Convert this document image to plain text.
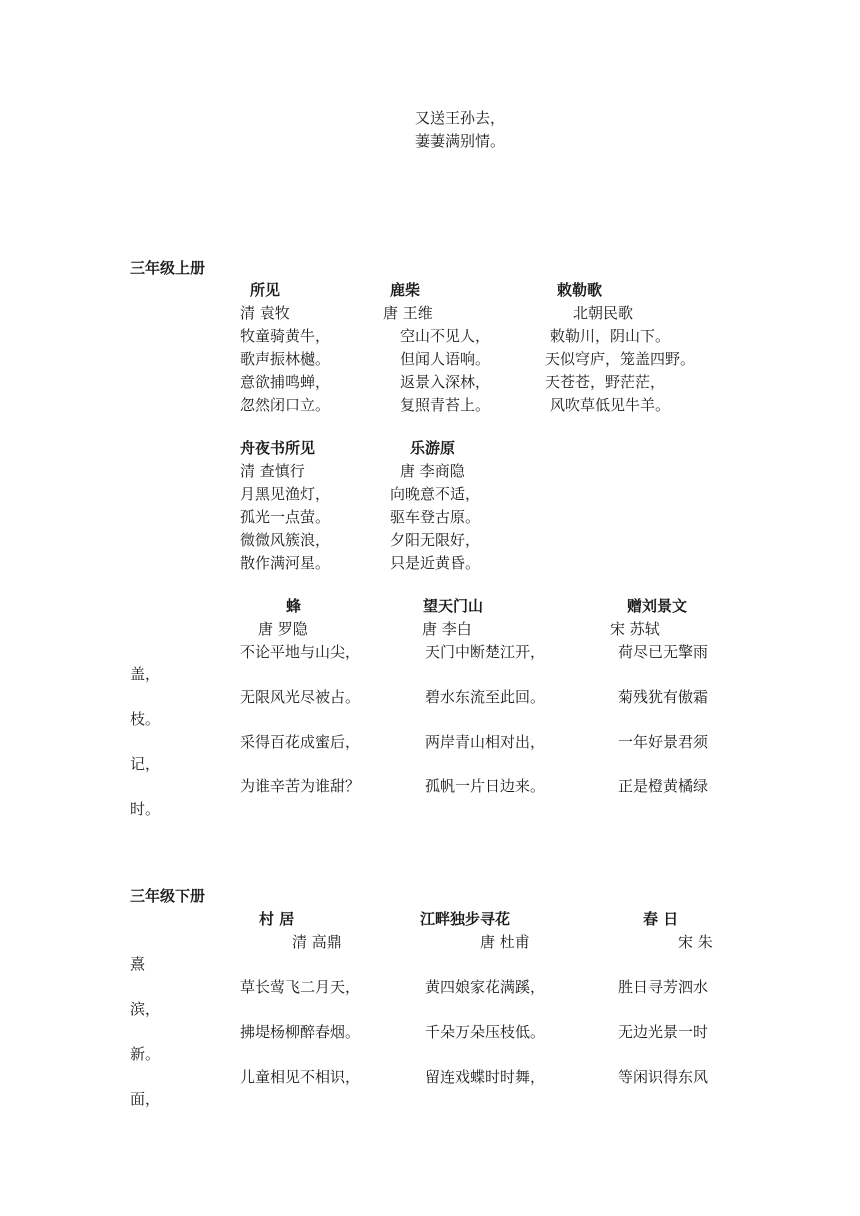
又送王孙去，
萋萋满别情。
三年级上册
所见
清 袁牧
牧童骑黄牛，
歌声振林樾。
意欲捕鸣蝉，
忽然闭口立。
鹿柴
唐 王维
空山不见人，
但闻人语响。
返景入深林，
复照青苔上。
敕勒歌
北朝民歌
敕勒川，阴山下。
天似穹庐，笼盖四野。
天苍苍，野茫茫，
风吹草低见牛羊。
舟夜书所见
清 查慎行
月黑见渔灯，
孤光一点萤。
微微风簇浪，
散作满河星。
乐游原
唐 李商隐
向晚意不适，
驱车登古原。
夕阳无限好，
只是近黄昏。
蜂
唐 罗隐
不论平地与山尖，
无限风光尽被占。
采得百花成蜜后，
为谁辛苦为谁甜？
望天门山
唐 李白
天门中断楚江开，
碧水东流至此回。
两岸青山相对出，
孤帆一片日边来。
赠刘景文
宋 苏轼
荷尽已无擎雨
盖，
菊残犹有傲霜
枝。
一年好景君须
记，
正是橙黄橘绿
时。
三年级下册
村 居
清 高鼎
草长莺飞二月天，
拂堤杨柳醉春烟。
儿童相见不相识，
江畔独步寻花
唐 杜甫
黄四娘家花满蹊，
千朵万朵压枝低。
留连戏蝶时时舞，
春 日
宋 朱
熹
胜日寻芳泗水
滨，
无边光景一时
新。
等闲识得东风
面，
